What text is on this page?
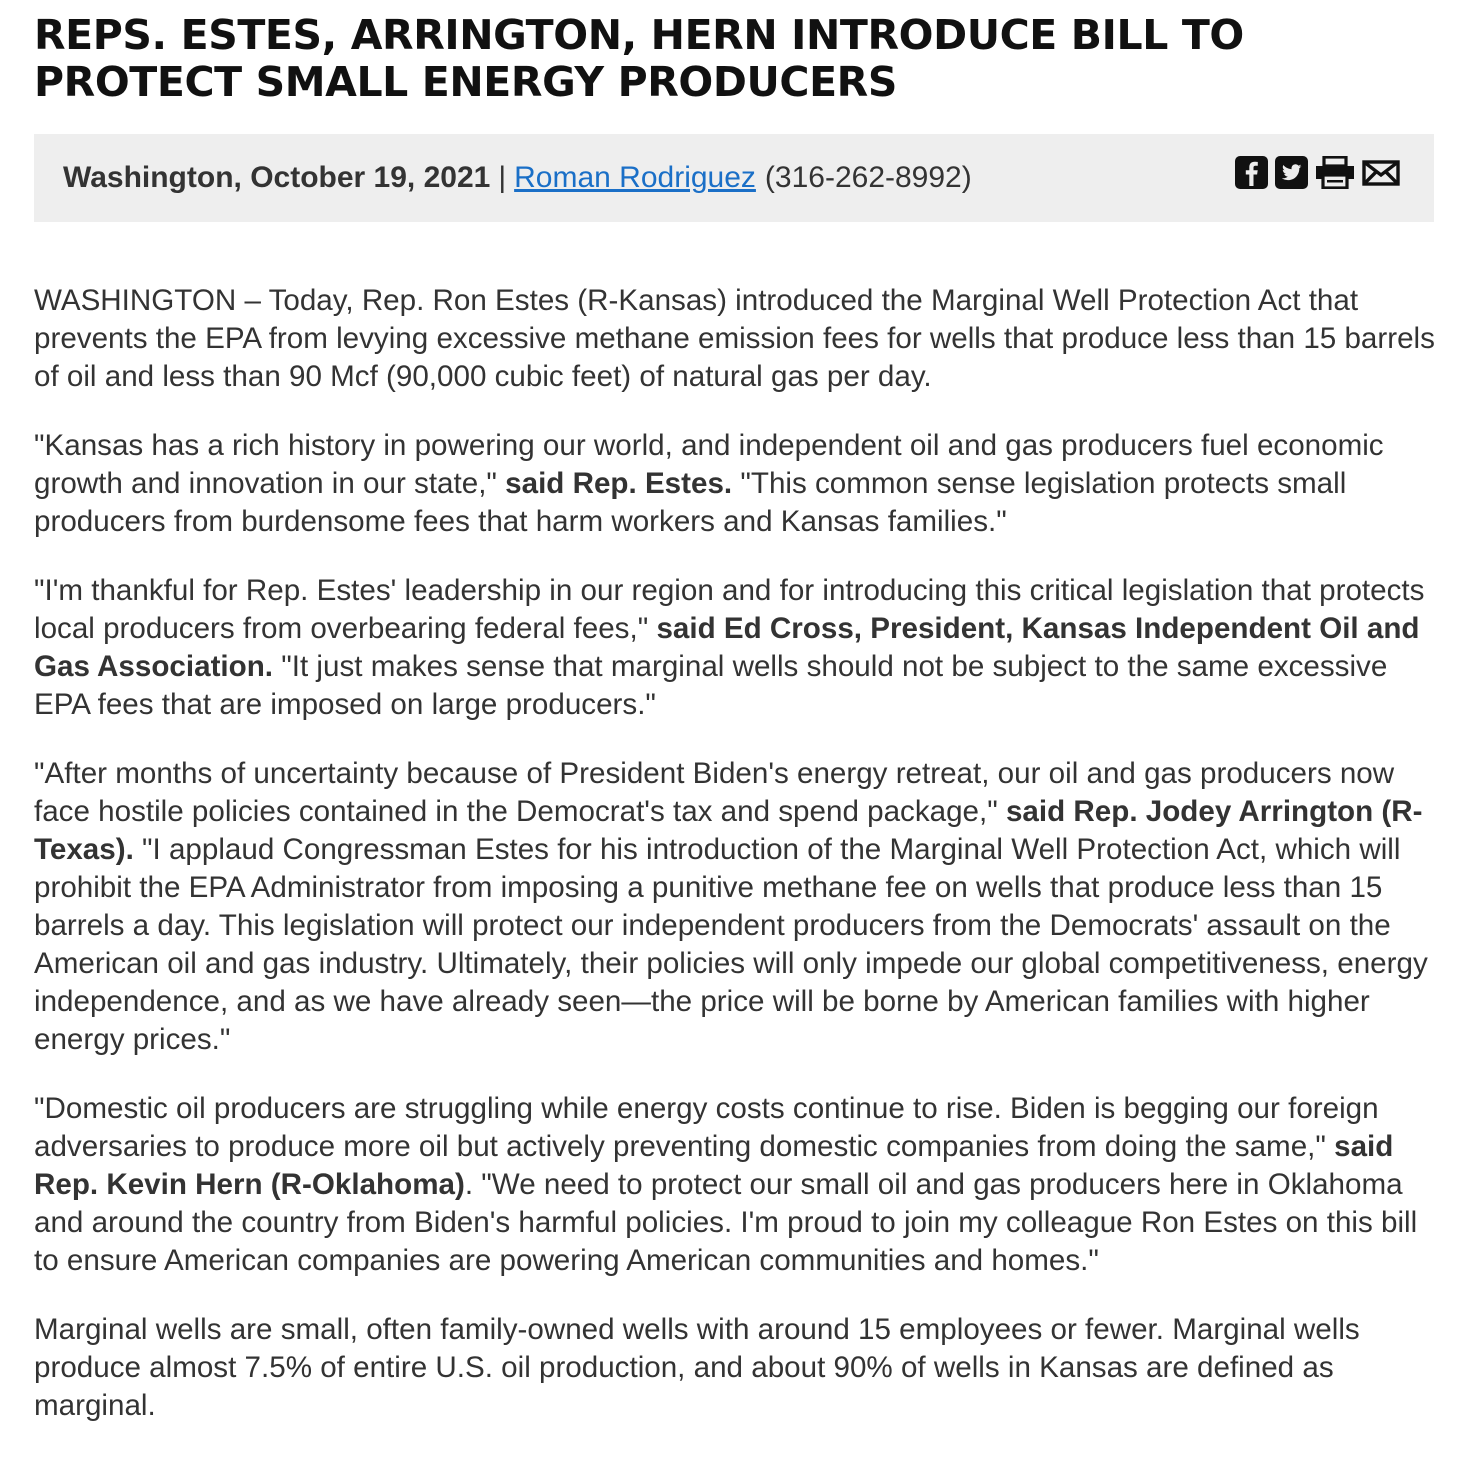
REPS. ESTES, ARRINGTON, HERN INTRODUCE BILL TO PROTECT SMALL ENERGY PRODUCERS
Washington, October 19, 2021 | Roman Rodriguez (316-262-8992)

WASHINGTON – Today, Rep. Ron Estes (R-Kansas) introduced the Marginal Well Protection Act that prevents the EPA from levying excessive methane emission fees for wells that produce less than 15 barrels of oil and less than 90 Mcf (90,000 cubic feet) of natural gas per day.

"Kansas has a rich history in powering our world, and independent oil and gas producers fuel economic growth and innovation in our state," said Rep. Estes. "This common sense legislation protects small producers from burdensome fees that harm workers and Kansas families."

"I'm thankful for Rep. Estes' leadership in our region and for introducing this critical legislation that protects local producers from overbearing federal fees," said Ed Cross, President, Kansas Independent Oil and Gas Association. "It just makes sense that marginal wells should not be subject to the same excessive EPA fees that are imposed on large producers."

"After months of uncertainty because of President Biden's energy retreat, our oil and gas producers now face hostile policies contained in the Democrat's tax and spend package," said Rep. Jodey Arrington (R-Texas). "I applaud Congressman Estes for his introduction of the Marginal Well Protection Act, which will prohibit the EPA Administrator from imposing a punitive methane fee on wells that produce less than 15 barrels a day. This legislation will protect our independent producers from the Democrats' assault on the American oil and gas industry. Ultimately, their policies will only impede our global competitiveness, energy independence, and as we have already seen—the price will be borne by American families with higher energy prices."

"Domestic oil producers are struggling while energy costs continue to rise. Biden is begging our foreign adversaries to produce more oil but actively preventing domestic companies from doing the same," said Rep. Kevin Hern (R-Oklahoma). "We need to protect our small oil and gas producers here in Oklahoma and around the country from Biden's harmful policies. I'm proud to join my colleague Ron Estes on this bill to ensure American companies are powering American communities and homes."

Marginal wells are small, often family-owned wells with around 15 employees or fewer. Marginal wells produce almost 7.5% of entire U.S. oil production, and about 90% of wells in Kansas are defined as marginal.
